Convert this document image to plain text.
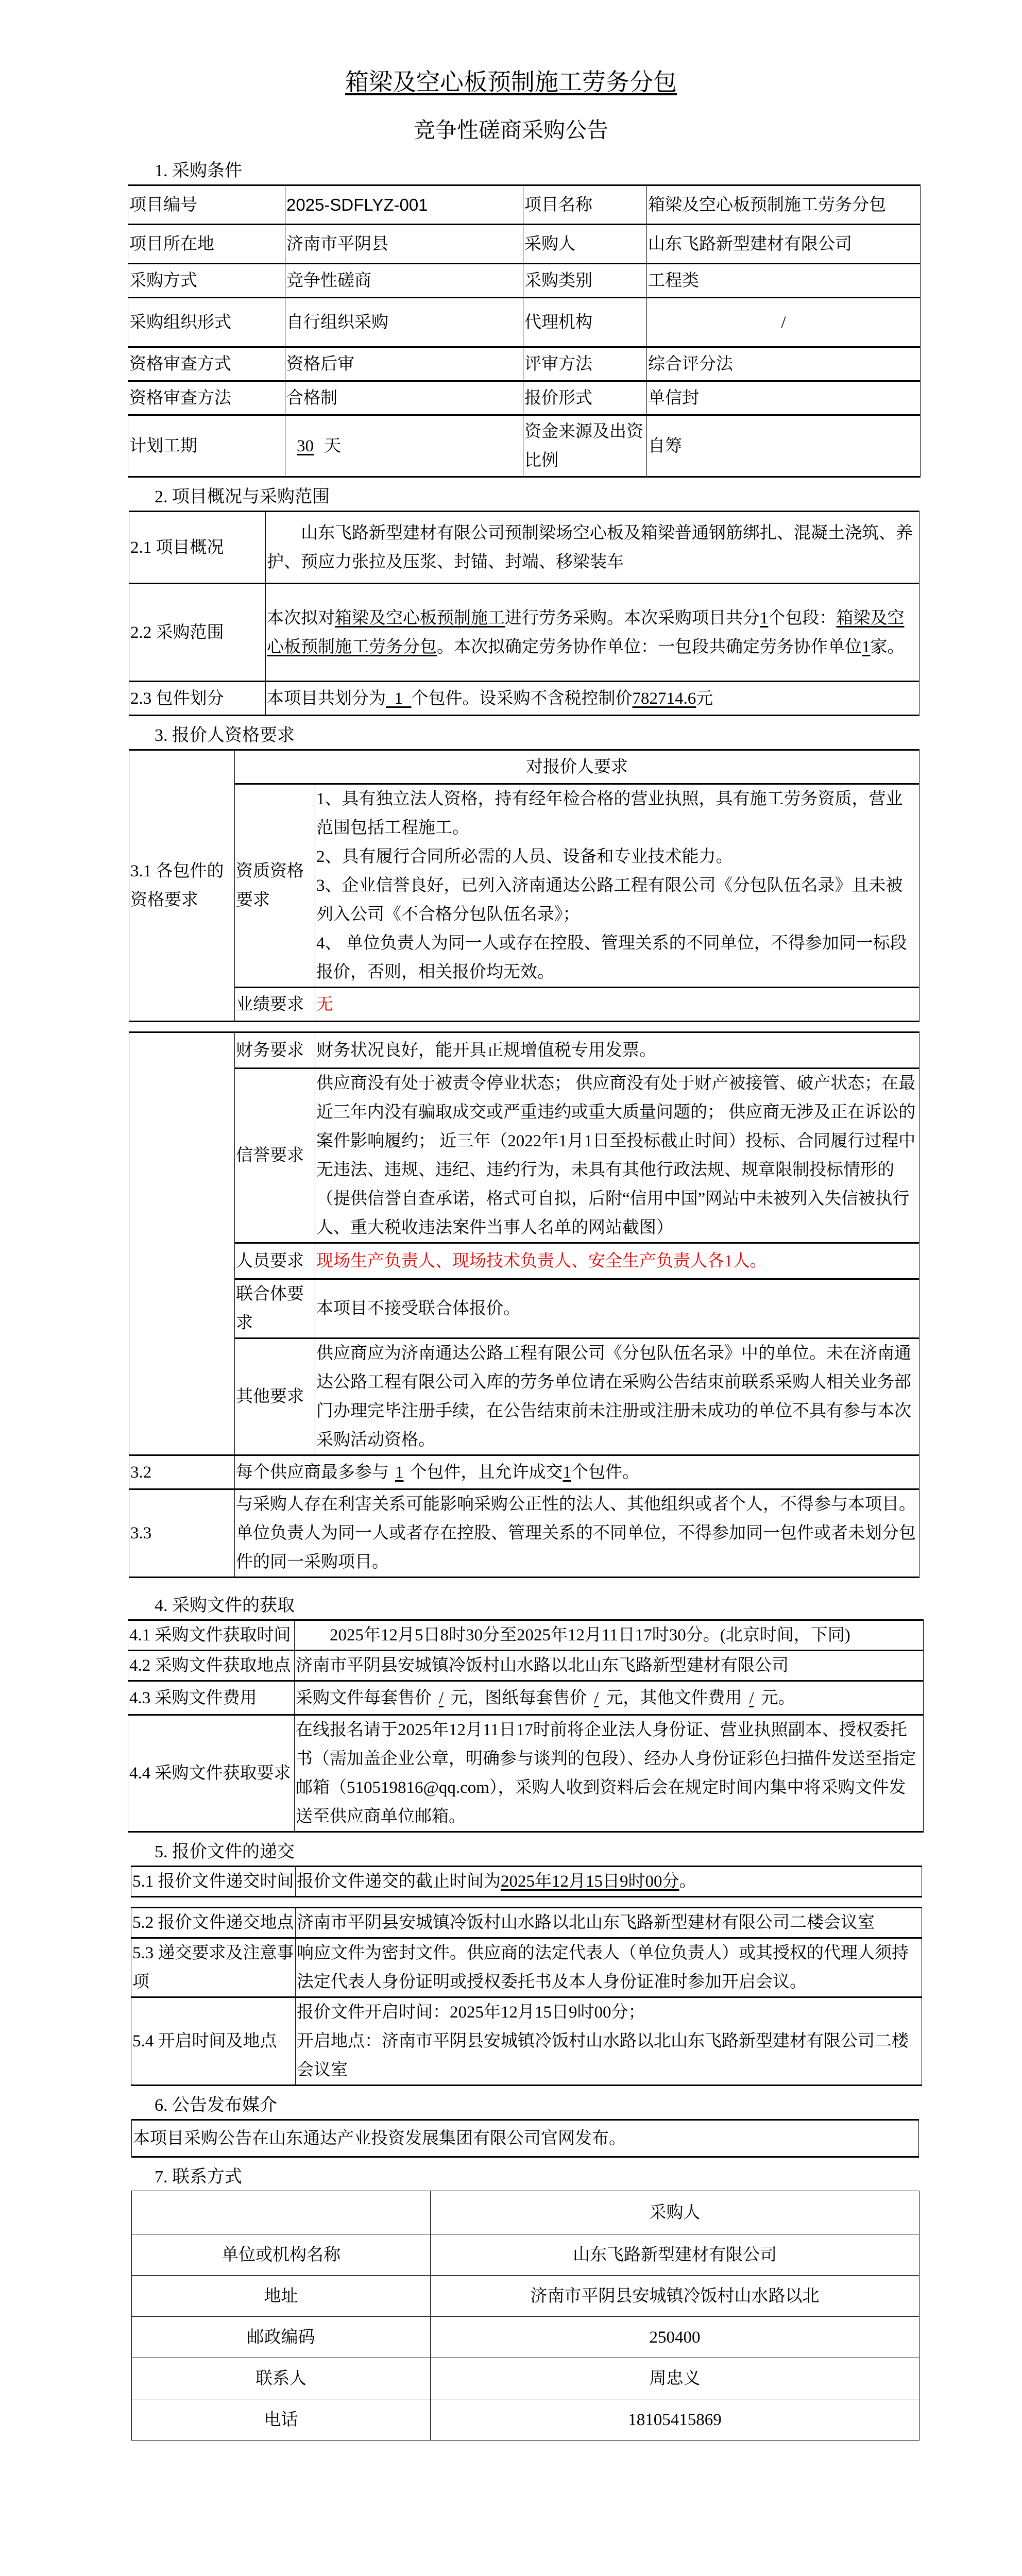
箱梁及空心板预制施工劳务分包
竞争性磋商采购公告
1. 采购条件
项目编号	2025-SDFLYZ-001	项目名称	箱梁及空心板预制施工劳务分包
项目所在地	济南市平阴县	采购人	山东飞路新型建材有限公司
采购方式	竞争性磋商	采购类别	工程类
采购组织形式	自行组织采购	代理机构	/
资格审查方式	资格后审	评审方法	综合评分法
资格审查方法	合格制	报价形式	单信封
计划工期	30 天	资金来源及出资比例	自筹
2. 项目概况与采购范围
2.1 项目概况	山东飞路新型建材有限公司预制梁场空心板及箱梁普通钢筋绑扎、混凝土浇筑、养护、预应力张拉及压浆、封锚、封端、移梁装车
2.2 采购范围	本次拟对箱梁及空心板预制施工进行劳务采购。本次采购项目共分1个包段：箱梁及空心板预制施工劳务分包。本次拟确定劳务协作单位：一包段共确定劳务协作单位1家。
2.3 包件划分	本项目共划分为  1  个包件。设采购不含税控制价782714.6元
3. 报价人资格要求
3.1 各包件的资格要求	对报价人要求	
	资质资格要求	1、具有独立法人资格，持有经年检合格的营业执照，具有施工劳务资质，营业范围包括工程施工。
2、具有履行合同所必需的人员、设备和专业技术能力。
3、企业信誉良好，已列入济南通达公路工程有限公司《分包队伍名录》且未被列入公司《不合格分包队伍名录》；
4、 单位负责人为同一人或存在控股、管理关系的不同单位，不得参加同一标段报价，否则，相关报价均无效。

	业绩要求	无
	财务要求	财务状况良好，能开具正规增值税专用发票。
	信誉要求	供应商没有处于被责令停业状态； 供应商没有处于财产被接管、破产状态；在最近三年内没有骗取成交或严重违约或重大质量问题的； 供应商无涉及正在诉讼的案件影响履约； 近三年（2022年1月1日至投标截止时间）投标、合同履行过程中无违法、违规、违纪、违约行为，未具有其他行政法规、规章限制投标情形的（提供信誉自查承诺，格式可自拟，后附“信用中国”网站中未被列入失信被执行人、重大税收违法案件当事人名单的网站截图）
	人员要求	现场生产负责人、现场技术负责人、安全生产负责人各1人。
	联合体要求	本项目不接受联合体报价。
	其他要求	供应商应为济南通达公路工程有限公司《分包队伍名录》中的单位。未在济南通达公路工程有限公司入库的劳务单位请在采购公告结束前联系采购人相关业务部门办理完毕注册手续，在公告结束前未注册或注册未成功的单位不具有参与本次采购活动资格。
3.2	每个供应商最多参与 1 个包件，且允许成交1个包件。	
3.3	与采购人存在利害关系可能影响采购公正性的法人、其他组织或者个人，不得参与本项目。单位负责人为同一人或者存在控股、管理关系的不同单位，不得参加同一包件或者未划分包件的同一采购项目。	
4. 采购文件的获取
4.1 采购文件获取时间	2025年12月5日8时30分至2025年12月11日17时30分。(北京时间，下同)
4.2 采购文件获取地点	济南市平阴县安城镇冷饭村山水路以北山东飞路新型建材有限公司
4.3 采购文件费用	采购文件每套售价 / 元，图纸每套售价 / 元，其他文件费用 / 元。
4.4 采购文件获取要求	在线报名请于2025年12月11日17时前将企业法人身份证、营业执照副本、授权委托书（需加盖企业公章，明确参与谈判的包段）、经办人身份证彩色扫描件发送至指定邮箱（510519816@qq.com），采购人收到资料后会在规定时间内集中将采购文件发送至供应商单位邮箱。
5. 报价文件的递交
5.1 报价文件递交时间	报价文件递交的截止时间为2025年12月15日9时00分。
5.2 报价文件递交地点	济南市平阴县安城镇冷饭村山水路以北山东飞路新型建材有限公司二楼会议室
5.3 递交要求及注意事项	响应文件为密封文件。供应商的法定代表人（单位负责人）或其授权的代理人须持法定代表人身份证明或授权委托书及本人身份证准时参加开启会议。
5.4 开启时间及地点	报价文件开启时间：2025年12月15日9时00分；
开启地点：济南市平阴县安城镇冷饭村山水路以北山东飞路新型建材有限公司二楼会议室
6. 公告发布媒介
本项目采购公告在山东通达产业投资发展集团有限公司官网发布。
7. 联系方式
	采购人
单位或机构名称	山东飞路新型建材有限公司
地址	济南市平阴县安城镇冷饭村山水路以北
邮政编码	250400
联系人	周忠义
电话	18105415869
